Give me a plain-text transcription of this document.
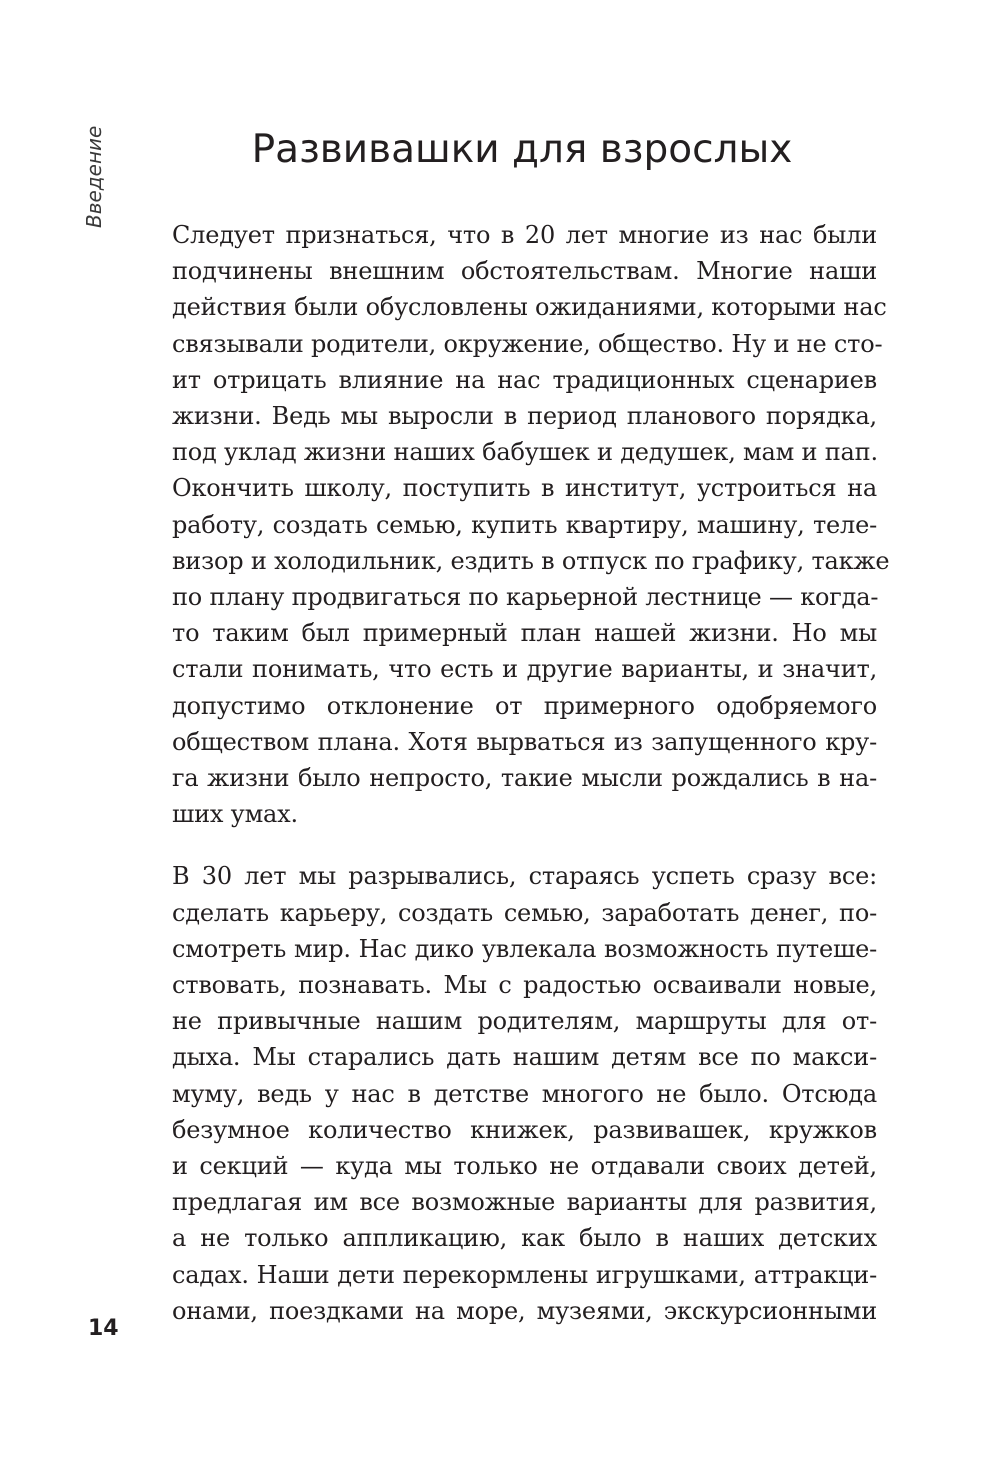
Введение	Развивашки для взрослых

Следует признаться, что в 20 лет многие из нас были
подчинены внешним обстоятельствам. Многие наши
действия были обусловлены ожиданиями, которыми нас
связывали родители, окружение, общество. Ну и не сто-
ит отрицать влияние на нас традиционных сценариев
жизни. Ведь мы выросли в период планового порядка,
под уклад жизни наших бабушек и дедушек, мам и пап.
Окончить школу, поступить в институт, устроиться на
работу, создать семью, купить квартиру, машину, теле-
визор и холодильник, ездить в отпуск по графику, также
по плану продвигаться по карьерной лестнице — когда-
то таким был примерный план нашей жизни. Но мы
стали понимать, что есть и другие варианты, и значит,
допустимо отклонение от примерного одобряемого
обществом плана. Хотя вырваться из запущенного кру-
га жизни было непросто, такие мысли рождались в на-
ших умах.

В 30 лет мы разрывались, стараясь успеть сразу все:
сделать карьеру, создать семью, заработать денег, по-
смотреть мир. Нас дико увлекала возможность путеше-
ствовать, познавать. Мы с радостью осваивали новые,
не привычные нашим родителям, маршруты для от-
дыха. Мы старались дать нашим детям все по макси-
муму, ведь у нас в детстве многого не было. Отсюда
безумное количество книжек, развивашек, кружков
и секций — куда мы только не отдавали своих детей,
предлагая им все возможные варианты для развития,
а не только аппликацию, как было в наших детских
садах. Наши дети перекормлены игрушками, аттракци-
онами, поездками на море, музеями, экскурсионными

14
